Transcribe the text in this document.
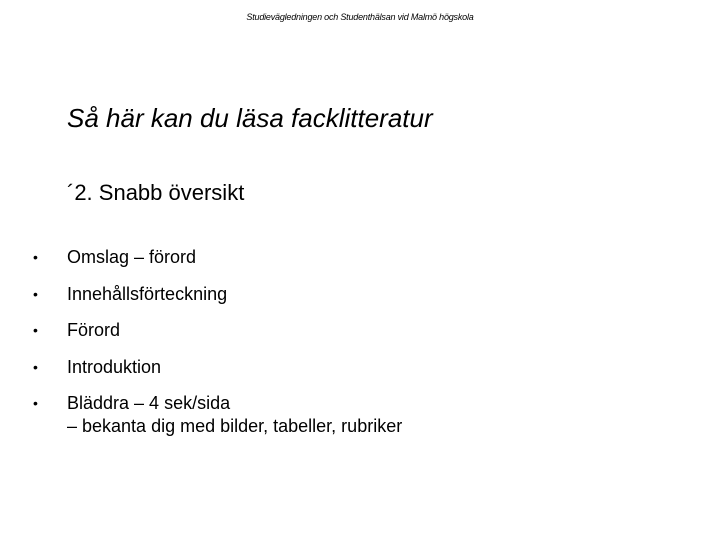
Studievägledningen och Studenthälsan vid Malmö högskola
Så här kan du läsa facklitteratur
´2. Snabb översikt
• Omslag – förord
• Innehållsförteckning
• Förord
• Introduktion
• Bläddra – 4 sek/sida
– bekanta dig med bilder, tabeller, rubriker
